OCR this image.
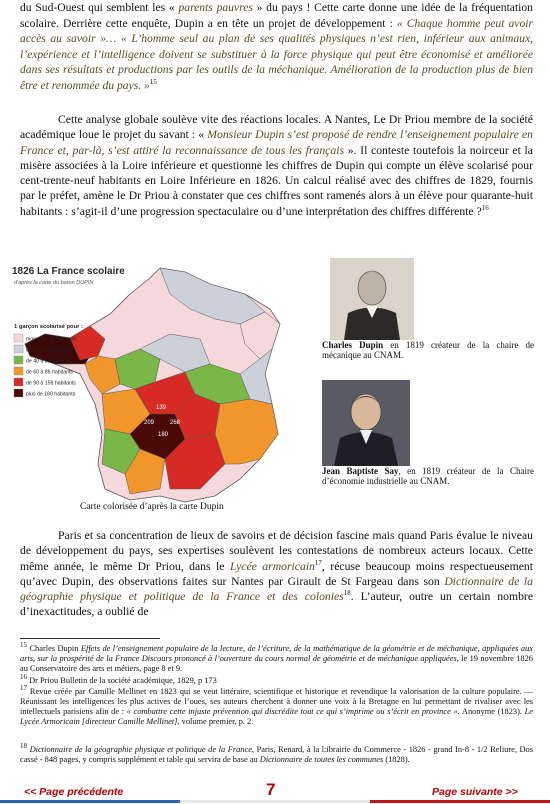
du Sud-Ouest qui semblent les « parents pauvres » du pays ! Cette carte donne une idée de la fréquentation scolaire. Derrière cette enquête, Dupin a en tête un projet de développement : « Chaque homme peut avoir accès au savoir »… « L’homme seul au plan de ses qualités physiques n’est rien, inférieur aux animaux, l’expérience et l’intelligence doivent se substituer à la force physique qui peut être économisé et améliorée dans ses résultats et productions par les outils de la méchanique. Amélioration de la production plus de bien être et renommée du pays. »$^{15}$
Cette analyse globale soulève vite des réactions locales. A Nantes, Le Dr Priou membre de la société académique loue le projet du savant : « Monsieur Dupin s’est proposé de rendre l’enseignement populaire en France et, par-là, s’est attiré la reconnaissance de tous les français ». Il conteste toutefois la noirceur et la misère associées à la Loire inférieure et questionne les chiffres de Dupin qui compte un élève scolarisé pour cent-trente-neuf habitants en Loire Inférieure en 1826. Un calcul réalisé avec des chiffres de 1829, fournis par le préfet, amène le Dr Priou à constater que ces chiffres sont ramenés alors à un élève pour quarante-huit habitants : s’agit-il d’une progression spectaculaire ou d’une interprétation des chiffres différente ?$^{16}$
1826 La France scolaire
d'après la carte du baron DUPIN
139
180
209	268
1 garçon scolarisé pour :
moins de 20 habitants
de 20 à 39 habitants
de 40 à 59 habitants
de 60 à 89 habitants
de 90 à 159 habitants
plus de 180 habitants
Carte colorisée d’après la carte Dupin
Charles Dupin en 1819 créateur de la chaire de mécanique au CNAM.
Jean Baptiste Say, en 1819 créateur de la Chaire d’économie industrielle au CNAM.
Paris et sa concentration de lieux de savoirs et de décision fascine mais quand Paris évalue le niveau de développement du pays, ses expertises soulèvent les contestations de nombreux acteurs locaux. Cette même année, le même Dr Priou, dans le Lycée armoricain$^{17}$, récuse beaucoup moins respectueusement qu’avec Dupin, des observations faites sur Nantes par Girault de St Fargeau dans son Dictionnaire de la géographie physique et politique de la France et des colonies$^{18}$. L’auteur, outre un certain nombre d’inexactitudes, a oublié de
$^{15}$ Charles Dupin Effets de l’enseignement populaire de la lecture, de l’écriture, de la mathématique de la géométrie et de méchanique, appliquées aux arts, sur la prospérité de la France Discours prononcé à l’ouverture du cours normal de géométrie et de méchanique appliquées, le 19 novembre 1826 au Conservatoire des arts et métiers, page 8 et 9.
$^{16}$ Dr Priou Bulletin de la société académique, 1829, p 173
$^{17}$ Revue créée par Camille Mellinet en 1823 qui se veut littéraire, scientifique et historique et revendique la valorisation de la culture populaire. — Réunissant les intelligences les plus actives de l’oues, ses auteurs cherchent à donner une voix à la Bretagne en lui permettant de rivaliser avec les intellectuels parisiens afin de : « combattre cette injuste prévention qui discrédite tout ce qui s’imprime ou s’écrit en province ». Anonyme (1823). Le Lycée Armoricain [directeur Camille Mellinet], volume premier, p. 2.
$^{18}$ Dictionnaire de la géographie physique et politique de la France, Paris, Renard, à la l:ibrairie du Commerce - 1826 - grand In-8 - 1/2 Reliure, Dos cassé - 848 pages, y compris supplément et table qui servira de base au Dictionnaire de toutes les communes (1828).
<< Page précédente	7	Page suivante >>
